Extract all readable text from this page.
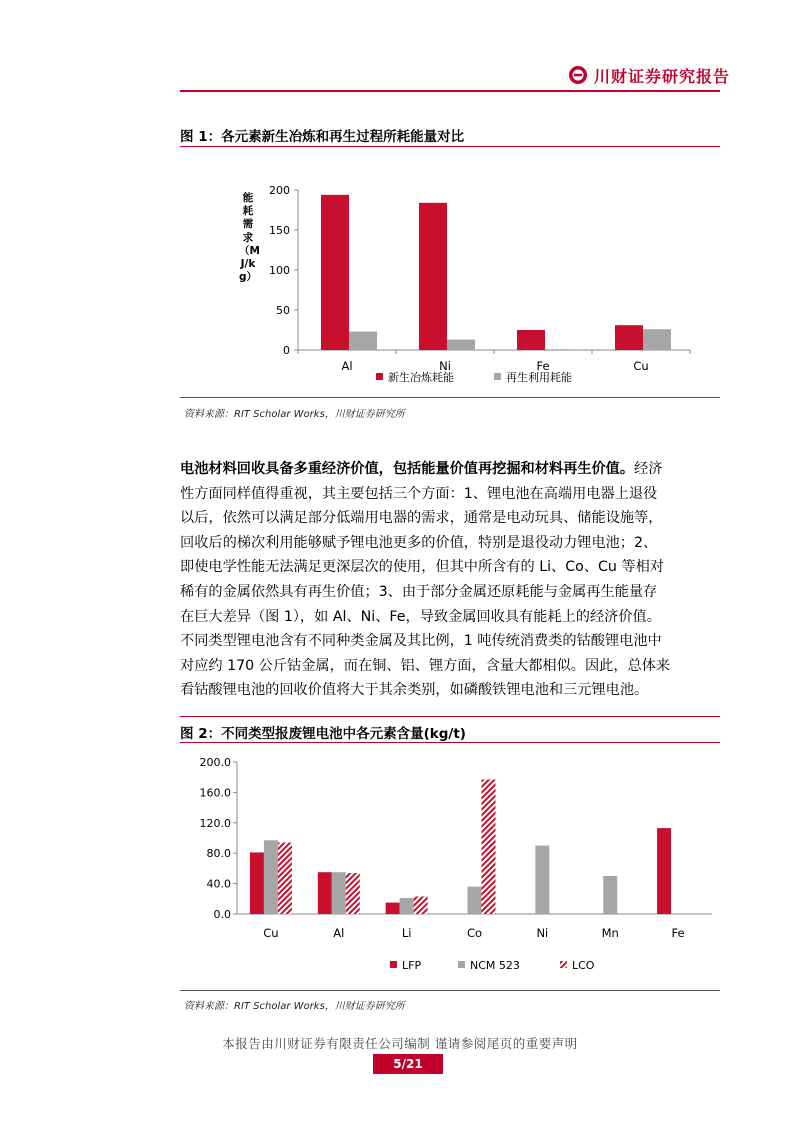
川财证券研究报告
图 1：各元素新生冶炼和再生过程所耗能量对比
能耗需求（MJ/kg）
0
50
100
150
200
Al	Ni	Fe	Cu
新生冶炼耗能	再生利用耗能
资料来源：RIT Scholar Works，川财证券研究所
电池材料回收具备多重经济价值，包括能量价值再挖掘和材料再生价值。经济
性方面同样值得重视，其主要包括三个方面：1、锂电池在高端用电器上退役
以后，依然可以满足部分低端用电器的需求，通常是电动玩具、储能设施等，
回收后的梯次利用能够赋予锂电池更多的价值，特别是退役动力锂电池；2、
即使电学性能无法满足更深层次的使用，但其中所含有的 Li、Co、Cu 等相对
稀有的金属依然具有再生价值；3、由于部分金属还原耗能与金属再生能量存
在巨大差异（图 1），如 Al、Ni、Fe，导致金属回收具有能耗上的经济价值。
不同类型锂电池含有不同种类金属及其比例，1 吨传统消费类的钴酸锂电池中
对应约 170 公斤钴金属，而在铜、铝、锂方面，含量大都相似。因此，总体来
看钴酸锂电池的回收价值将大于其余类别，如磷酸铁锂电池和三元锂电池。
图 2：不同类型报废锂电池中各元素含量(kg/t)
0.0
40.0
80.0
120.0
160.0
200.0
Cu	Al	Li	Co	Ni	Mn	Fe
LFP	NCM 523	LCO
资料来源：RIT Scholar Works，川财证券研究所
本报告由川财证券有限责任公司编制 谨请参阅尾页的重要声明
5/21
